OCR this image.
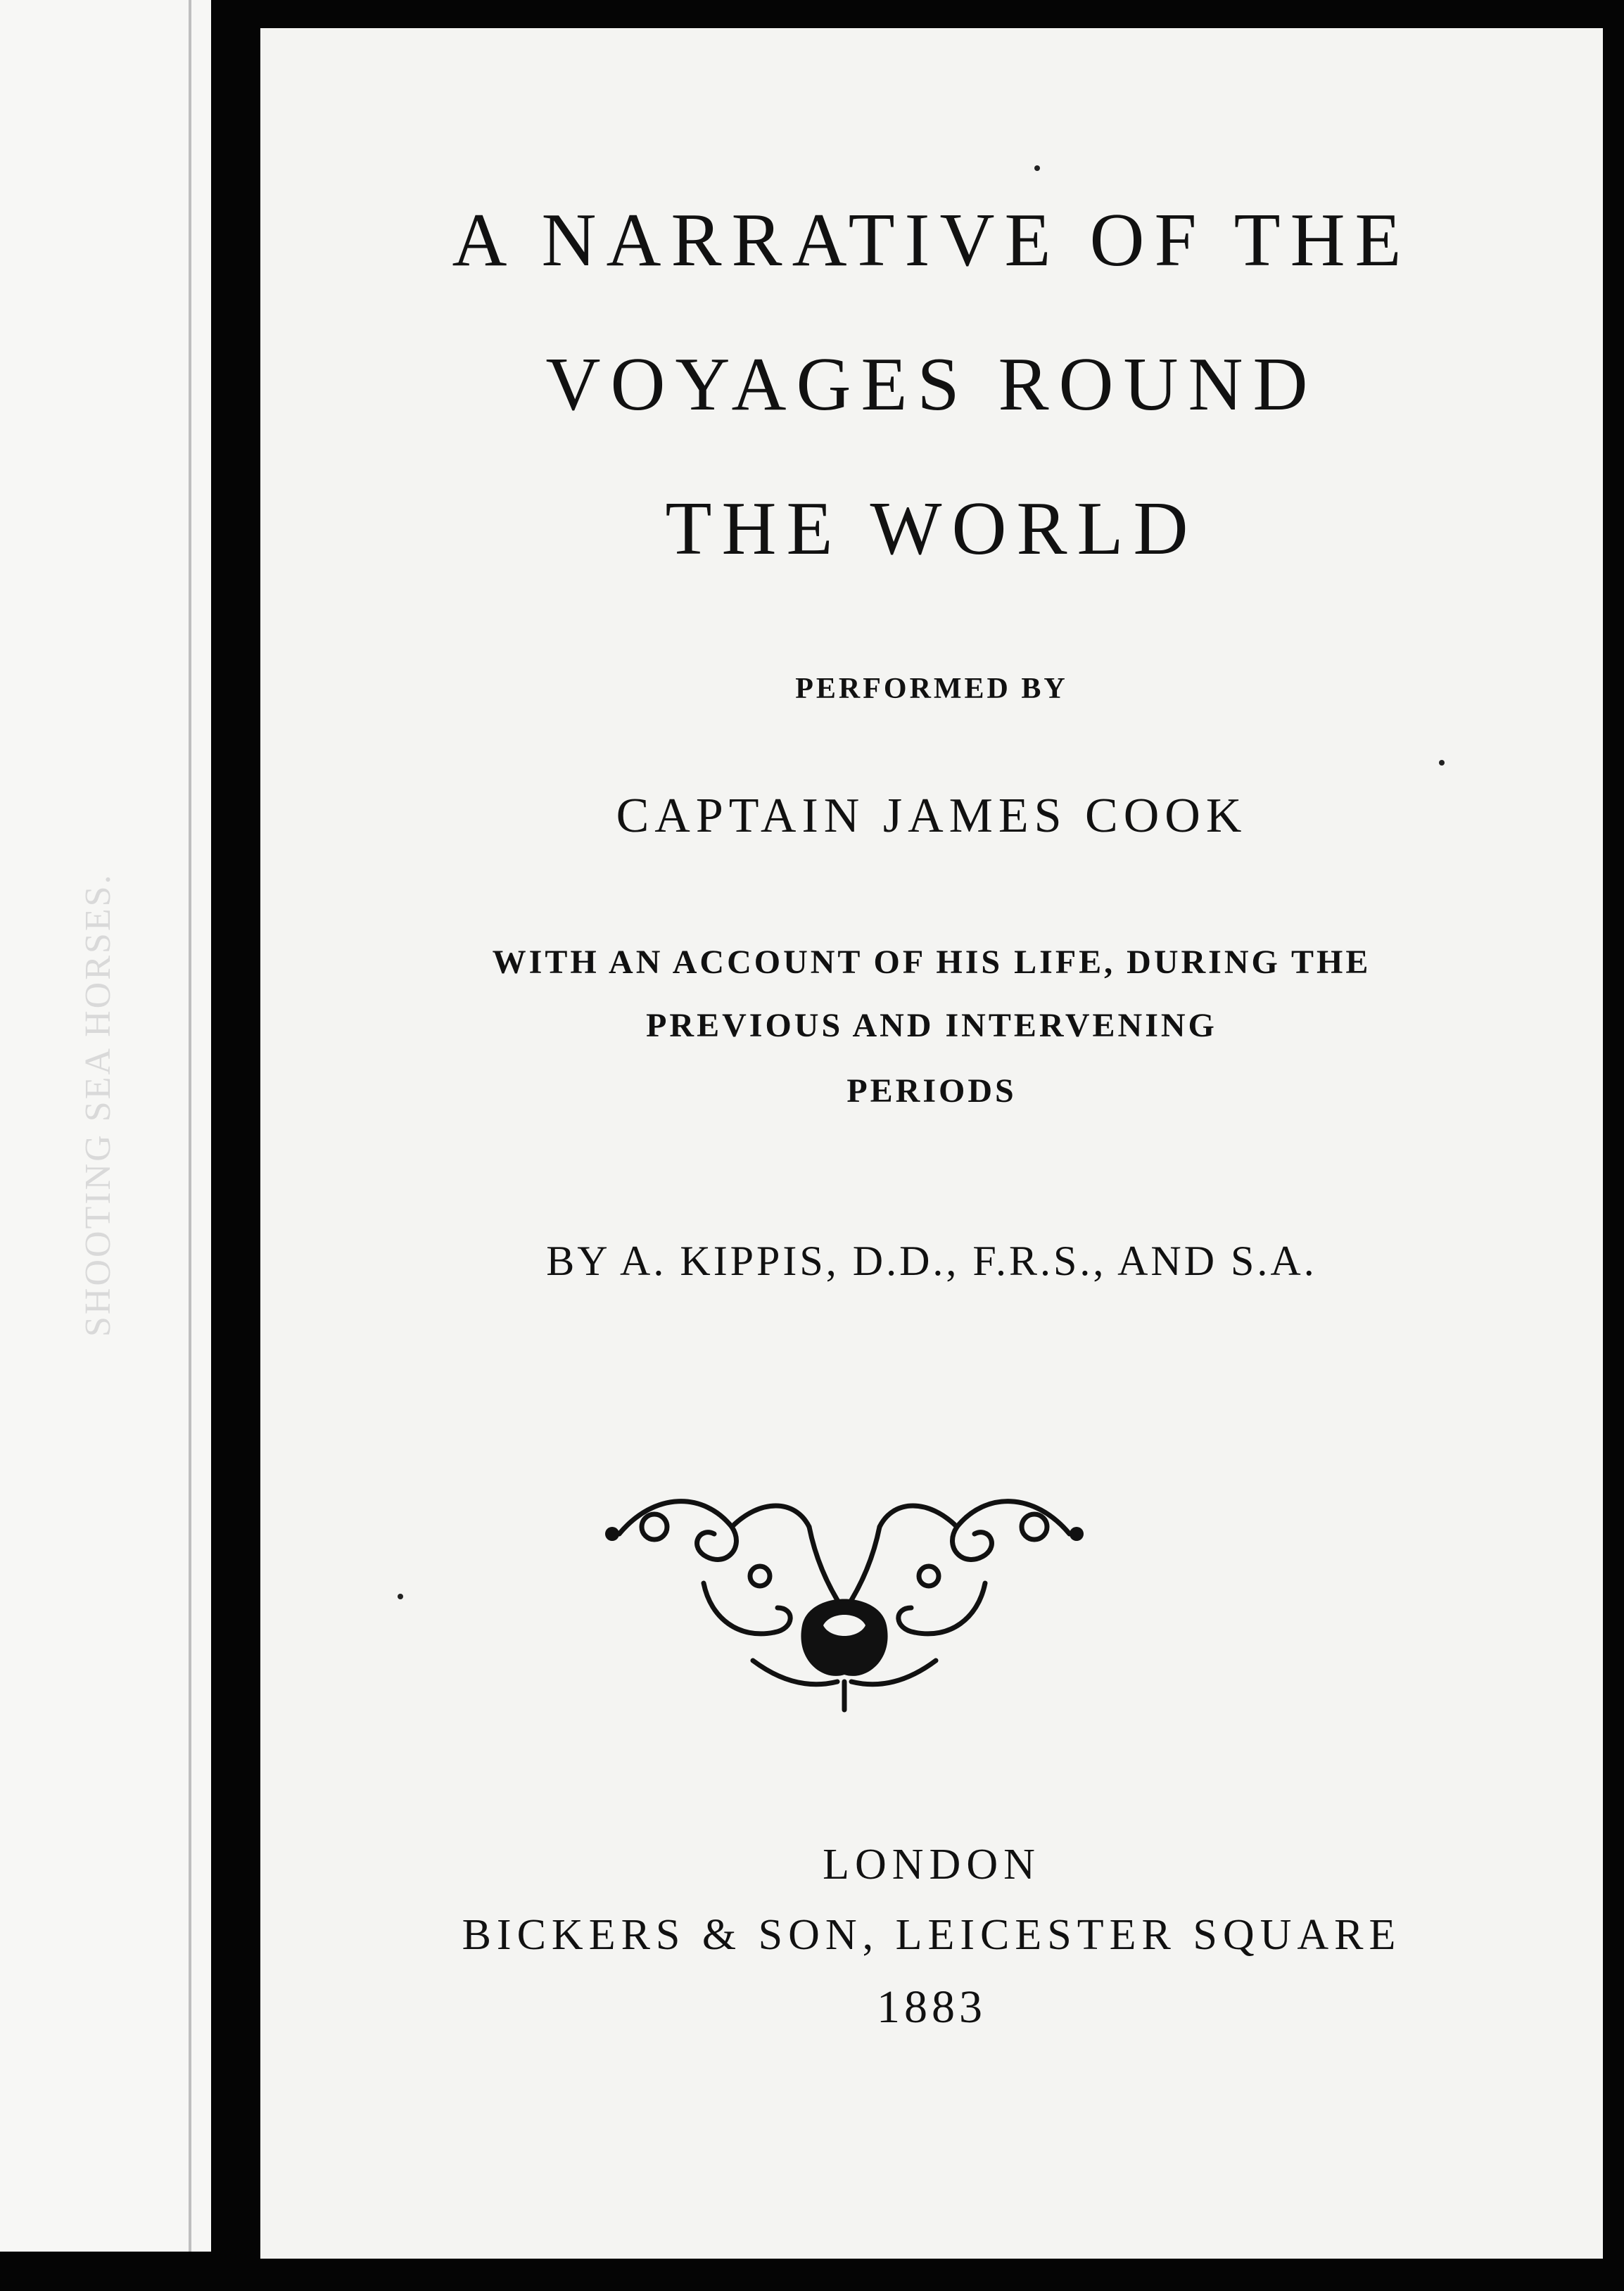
SHOOTING SEA HORSES.
A NARRATIVE OF THE
VOYAGES ROUND
THE WORLD
PERFORMED BY
CAPTAIN JAMES COOK
WITH AN ACCOUNT OF HIS LIFE, DURING THE
PREVIOUS AND INTERVENING
PERIODS
BY A. KIPPIS, D.D., F.R.S., AND S.A.
LONDON
BICKERS & SON, LEICESTER SQUARE
1883
